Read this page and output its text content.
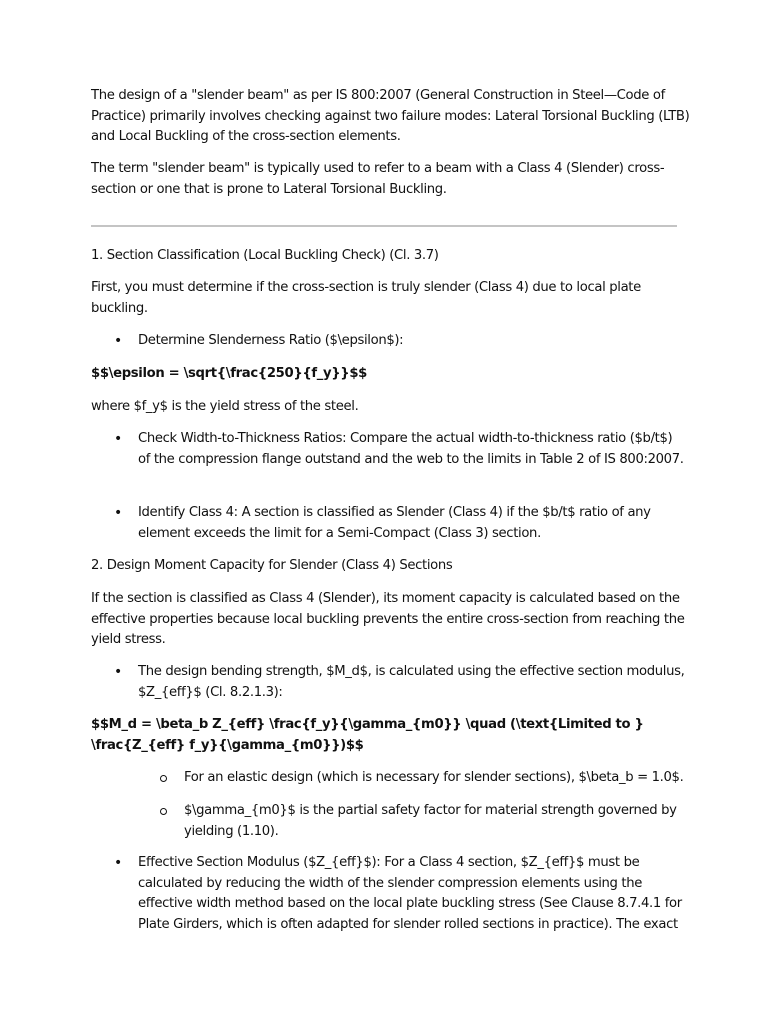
The design of a "slender beam" as per IS 800:2007 (General Construction in Steel—Code of Practice) primarily involves checking against two failure modes: Lateral Torsional Buckling (LTB) and Local Buckling of the cross-section elements.

The term "slender beam" is typically used to refer to a beam with a Class 4 (Slender) cross-section or one that is prone to Lateral Torsional Buckling.

1. Section Classification (Local Buckling Check) (Cl. 3.7)

First, you must determine if the cross-section is truly slender (Class 4) due to local plate buckling.

• Determine Slenderness Ratio ($\epsilon$):

$$\epsilon = \sqrt{\frac{250}{f_y}}$$

where $f_y$ is the yield stress of the steel.

• Check Width-to-Thickness Ratios: Compare the actual width-to-thickness ratio ($b/t$) of the compression flange outstand and the web to the limits in Table 2 of IS 800:2007.

• Identify Class 4: A section is classified as Slender (Class 4) if the $b/t$ ratio of any element exceeds the limit for a Semi-Compact (Class 3) section.

2. Design Moment Capacity for Slender (Class 4) Sections

If the section is classified as Class 4 (Slender), its moment capacity is calculated based on the effective properties because local buckling prevents the entire cross-section from reaching the yield stress.

• The design bending strength, $M_d$, is calculated using the effective section modulus, $Z_{eff}$ (Cl. 8.2.1.3):

$$M_d = \beta_b Z_{eff} \frac{f_y}{\gamma_{m0}} \quad (\text{Limited to } \frac{Z_{eff} f_y}{\gamma_{m0}})$$

For an elastic design (which is necessary for slender sections), $\beta_b = 1.0$.

$\gamma_{m0}$ is the partial safety factor for material strength governed by yielding (1.10).

• Effective Section Modulus ($Z_{eff}$): For a Class 4 section, $Z_{eff}$ must be calculated by reducing the width of the slender compression elements using the effective width method based on the local plate buckling stress (See Clause 8.7.4.1 for Plate Girders, which is often adapted for slender rolled sections in practice). The exact
